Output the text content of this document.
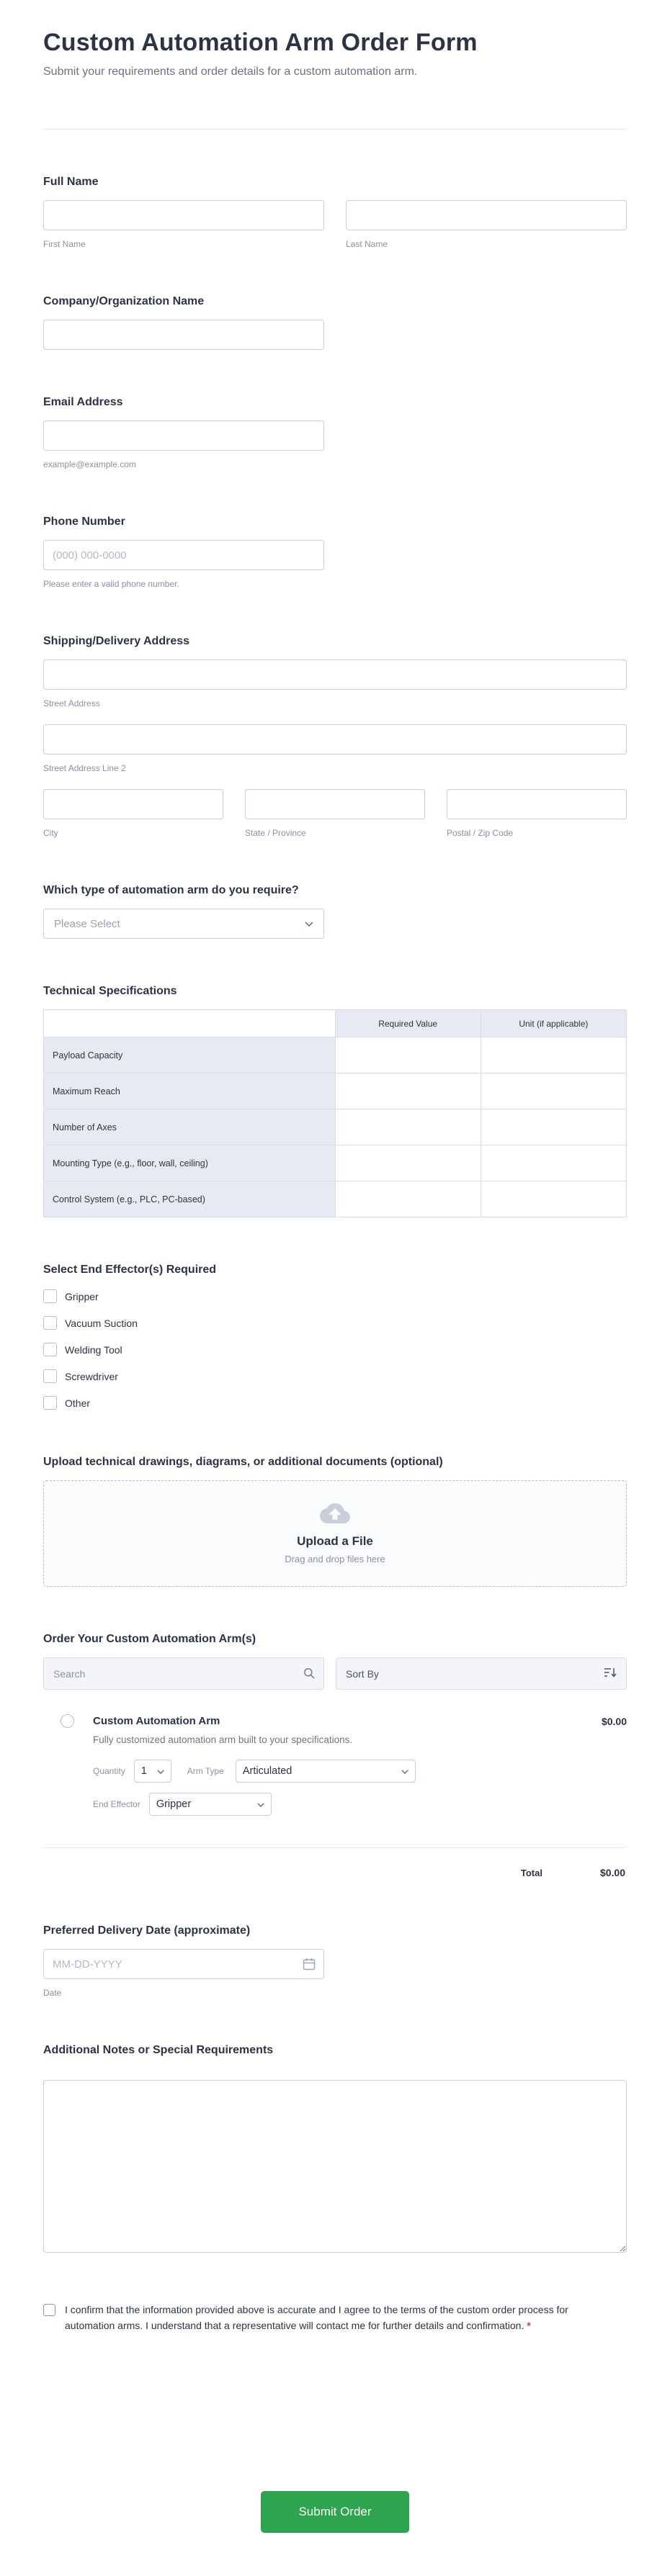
Custom Automation Arm Order Form

Submit your requirements and order details for a custom automation arm.

Full Name
First Name	Last Name
Company/Organization Name
Email Address
example@example.com
Phone Number
(000) 000-0000
Please enter a valid phone number.
Shipping/Delivery Address
Street Address
Street Address Line 2
City	State / Province	Postal / Zip Code
Which type of automation arm do you require?
Please Select
Technical Specifications
	Required Value	Unit (if applicable)
Payload Capacity		
Maximum Reach		
Number of Axes		
Mounting Type (e.g., floor, wall, ceiling)		
Control System (e.g., PLC, PC-based)		
Select End Effector(s) Required
Gripper
Vacuum Suction
Welding Tool
Screwdriver
Other
Upload technical drawings, diagrams, or additional documents (optional)
Upload a File
Drag and drop files here
Order Your Custom Automation Arm(s)
Search
Sort By
Custom Automation Arm	$0.00
Fully customized automation arm built to your specifications.
Quantity 1	Arm Type Articulated
End Effector Gripper
Total	$0.00
Preferred Delivery Date (approximate)
MM-DD-YYYY
Date
Additional Notes or Special Requirements

I confirm that the information provided above is accurate and I agree to the terms of the custom order process for automation arms. I understand that a representative will contact me for further details and confirmation. *

Submit Order
